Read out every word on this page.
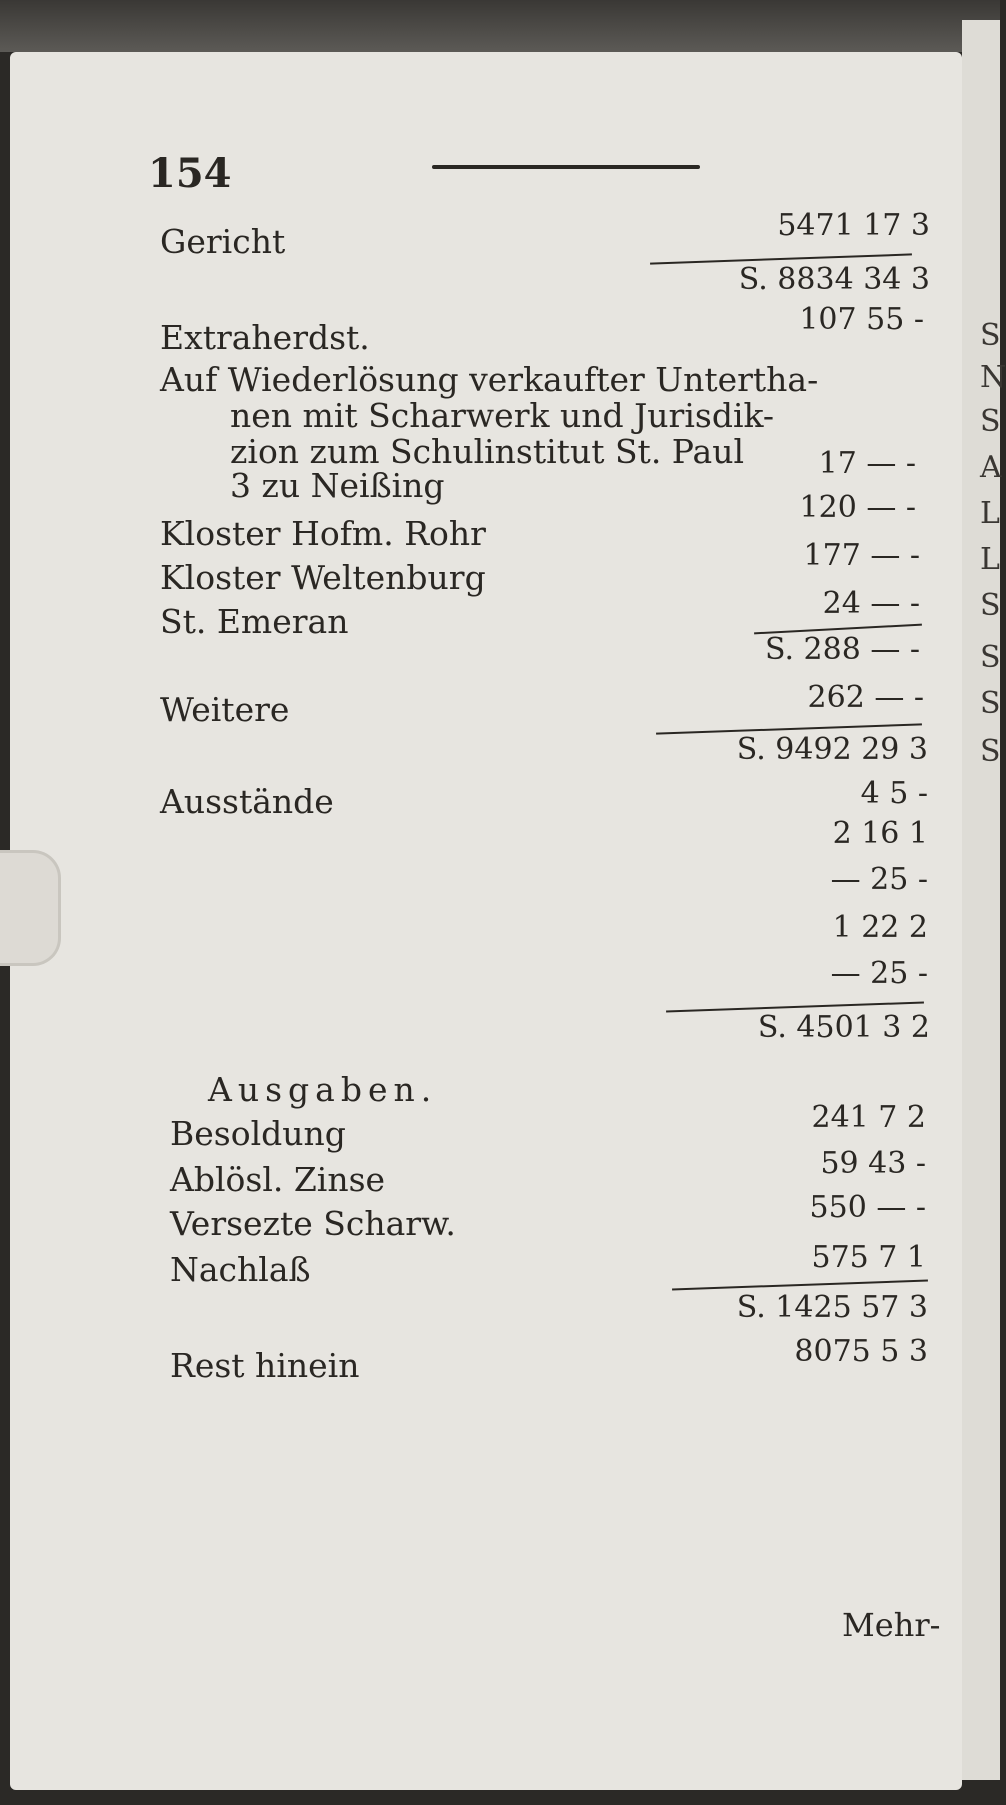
154
Gericht
Extraherdst.
Auf Wiederlösung verkaufter Untertha-
nen mit Scharwerk und Jurisdik-
zion zum Schulinstitut St. Paul
3 zu Neißing
Kloster Hofm. Rohr
Kloster Weltenburg
St. Emeran
Weitere
Ausstände
Ausgaben.
Besoldung
Ablösl. Zinse
Versezte Scharw.
Nachlaß
Rest hinein
5471 17 3
S. 8834 34 3
107 55 -
17 — -
120 — -
177 — -
24 — -
S. 288 — -
262 — -
S. 9492 29 3
4 5 -
2 16 1
— 25 -
1 22 2
— 25 -
S. 4501 3 2
241 7 2
59 43 -
550 — -
575 7 1
S. 1425 57 3
8075 5 3
Mehr-
S
N
S
A
L
L
S
S
S
S
